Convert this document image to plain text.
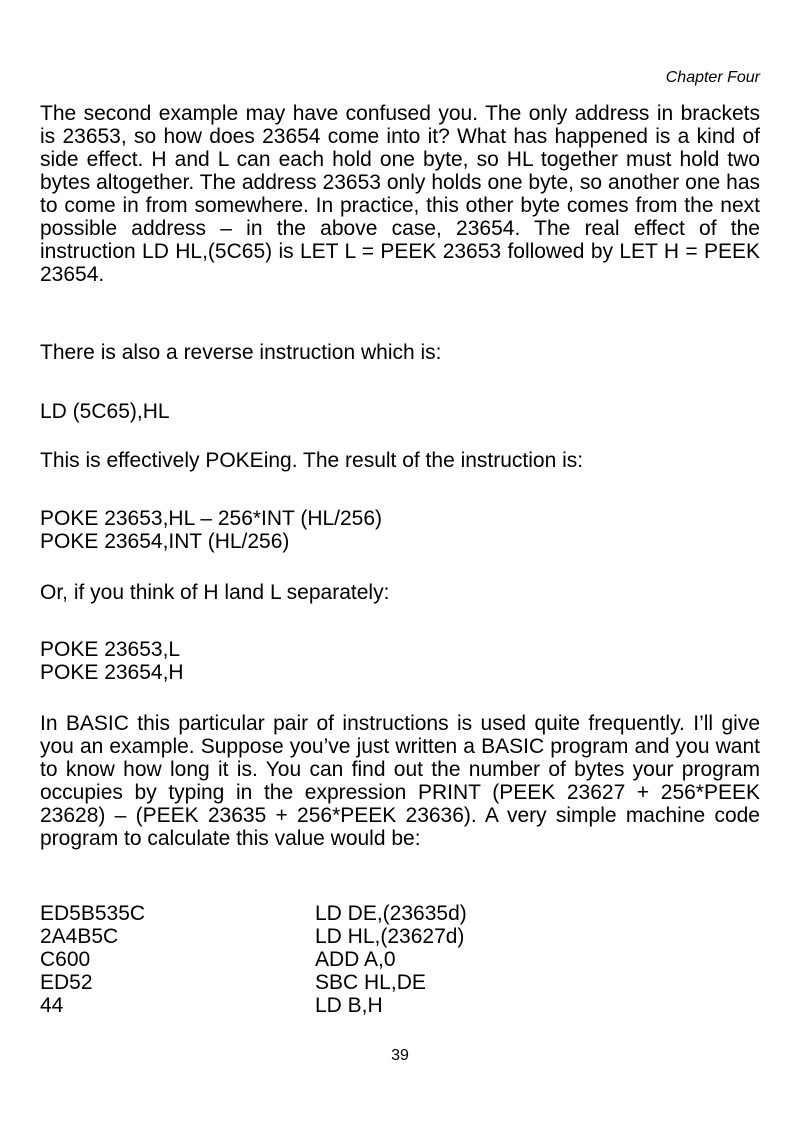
Chapter Four

The second example may have confused you. The only address in brackets is 23653, so how does 23654 come into it? What has happened is a kind of side effect. H and L can each hold one byte, so HL together must hold two bytes altogether. The address 23653 only holds one byte, so another one has to come in from somewhere. In practice, this other byte comes from the next possible address – in the above case, 23654. The real effect of the instruction LD HL,(5C65) is LET L = PEEK 23653 followed by LET H = PEEK 23654.

There is also a reverse instruction which is:

LD (5C65),HL

This is effectively POKEing. The result of the instruction is:

POKE 23653,HL – 256*INT (HL/256)
POKE 23654,INT (HL/256)

Or, if you think of H land L separately:

POKE 23653,L
POKE 23654,H

In BASIC this particular pair of instructions is used quite frequently. I’ll give you an example. Suppose you’ve just written a BASIC program and you want to know how long it is. You can find out the number of bytes your program occupies by typing in the expression PRINT (PEEK 23627 + 256*PEEK 23628) – (PEEK 23635 + 256*PEEK 23636). A very simple machine code program to calculate this value would be:

ED5B535C	LD DE,(23635d)
2A4B5C	LD HL,(23627d)
C600	ADD A,0
ED52	SBC HL,DE
44	LD B,H
39
